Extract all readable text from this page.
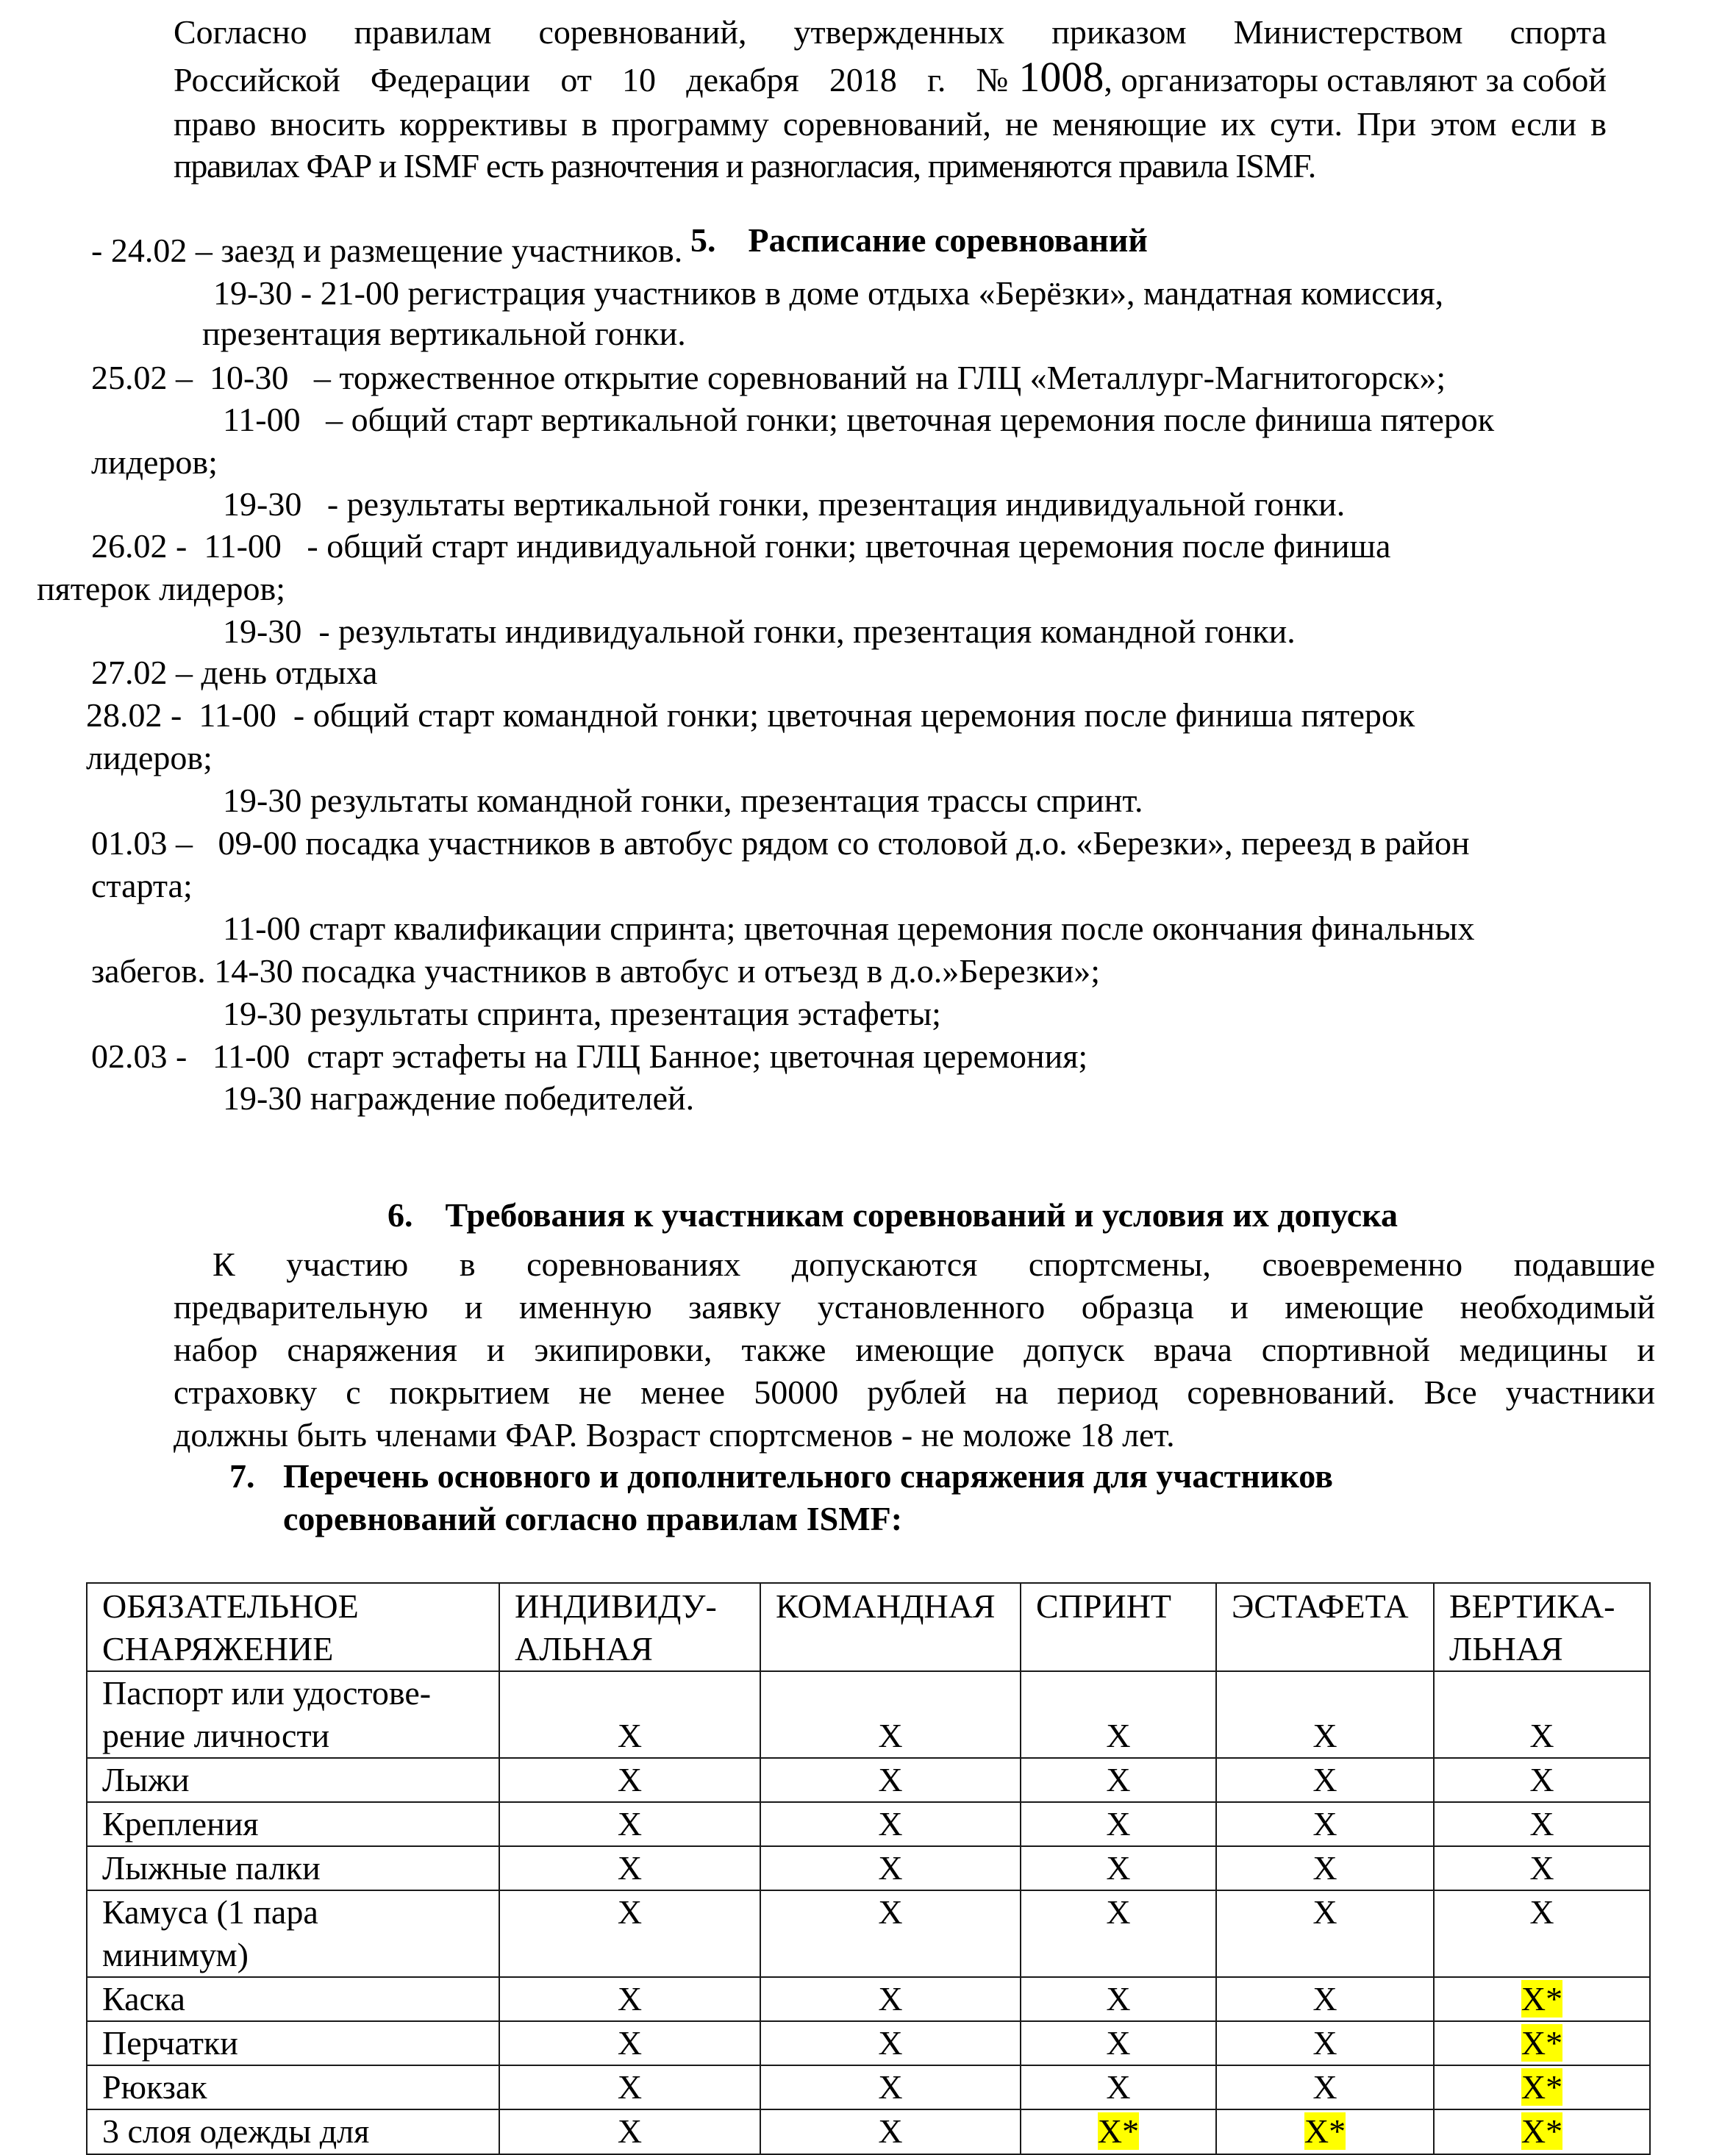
Согласно правилам соревнований, утвержденных приказом Министерством спорта
Российской Федерации от 10 декабря 2018 г. № 1008 , организаторы оставляют за собой
право вносить коррективы в программу соревнований, не меняющие их сути. При этом если в
правилах ФАР и ISMF есть разночтения и разногласия, применяются правила ISMF.

5. Расписание соревнований

- 24.02 – заезд и размещение участников.
19-30 - 21-00 регистрация участников в доме отдыха «Берёзки», мандатная комиссия,
презентация вертикальной гонки.
25.02 –  10-30   – торжественное открытие соревнований на ГЛЦ «Металлург-Магнитогорск»;
11-00   – общий старт вертикальной гонки; цветочная церемония после финиша пятерок
лидеров;
19-30   - результаты вертикальной гонки, презентация индивидуальной гонки.
26.02 -  11-00   - общий старт индивидуальной гонки; цветочная церемония после финиша
пятерок лидеров;
19-30  - результаты индивидуальной гонки, презентация командной гонки.
27.02 – день отдыха
28.02 -  11-00  - общий старт командной гонки; цветочная церемония после финиша пятерок
лидеров;
19-30 результаты командной гонки, презентация трассы спринт.
01.03 –   09-00 посадка участников в автобус рядом со столовой д.о. «Березки», переезд в район
старта;
11-00 старт квалификации спринта; цветочная церемония после окончания финальных
забегов. 14-30 посадка участников в автобус и отъезд в д.о.»Березки»;
19-30 результаты спринта, презентация эстафеты;
02.03 -   11-00  старт эстафеты на ГЛЦ Банное; цветочная церемония;
19-30 награждение победителей.

6. Требования к участникам соревнований и условия их допуска

К участию в соревнованиях допускаются спортсмены, своевременно подавшие
предварительную и именную заявку установленного образца и имеющие необходимый
набор снаряжения и экипировки, также имеющие допуск врача спортивной медицины и
страховку с покрытием не менее 50000 рублей на период соревнований. Все участники
должны быть членами ФАР. Возраст спортсменов - не моложе 18 лет.
7. Перечень основного и дополнительного снаряжения для участников
соревнований согласно правилам ISMF:
ОБЯЗАТЕЛЬНОЕ
СНАРЯЖЕНИЕ	ИНДИВИДУ-
АЛЬНАЯ	КОМАНДНАЯ	СПРИНТ	ЭСТАФЕТА	ВЕРТИКА-
ЛЬНАЯ
Паспорт или удостове-
рение личности	X	X	X	X	X
Лыжи	X	X	X	X	X
Крепления	X	X	X	X	X
Лыжные палки	X	X	X	X	X
Камуса (1 пара
минимум)	X	X	X	X	X
Каска	X	X	X	X	X*
Перчатки	X	X	X	X	X*
Рюкзак	X	X	X	X	X*
3 слоя одежды для	X	X	X*	X*	X*
